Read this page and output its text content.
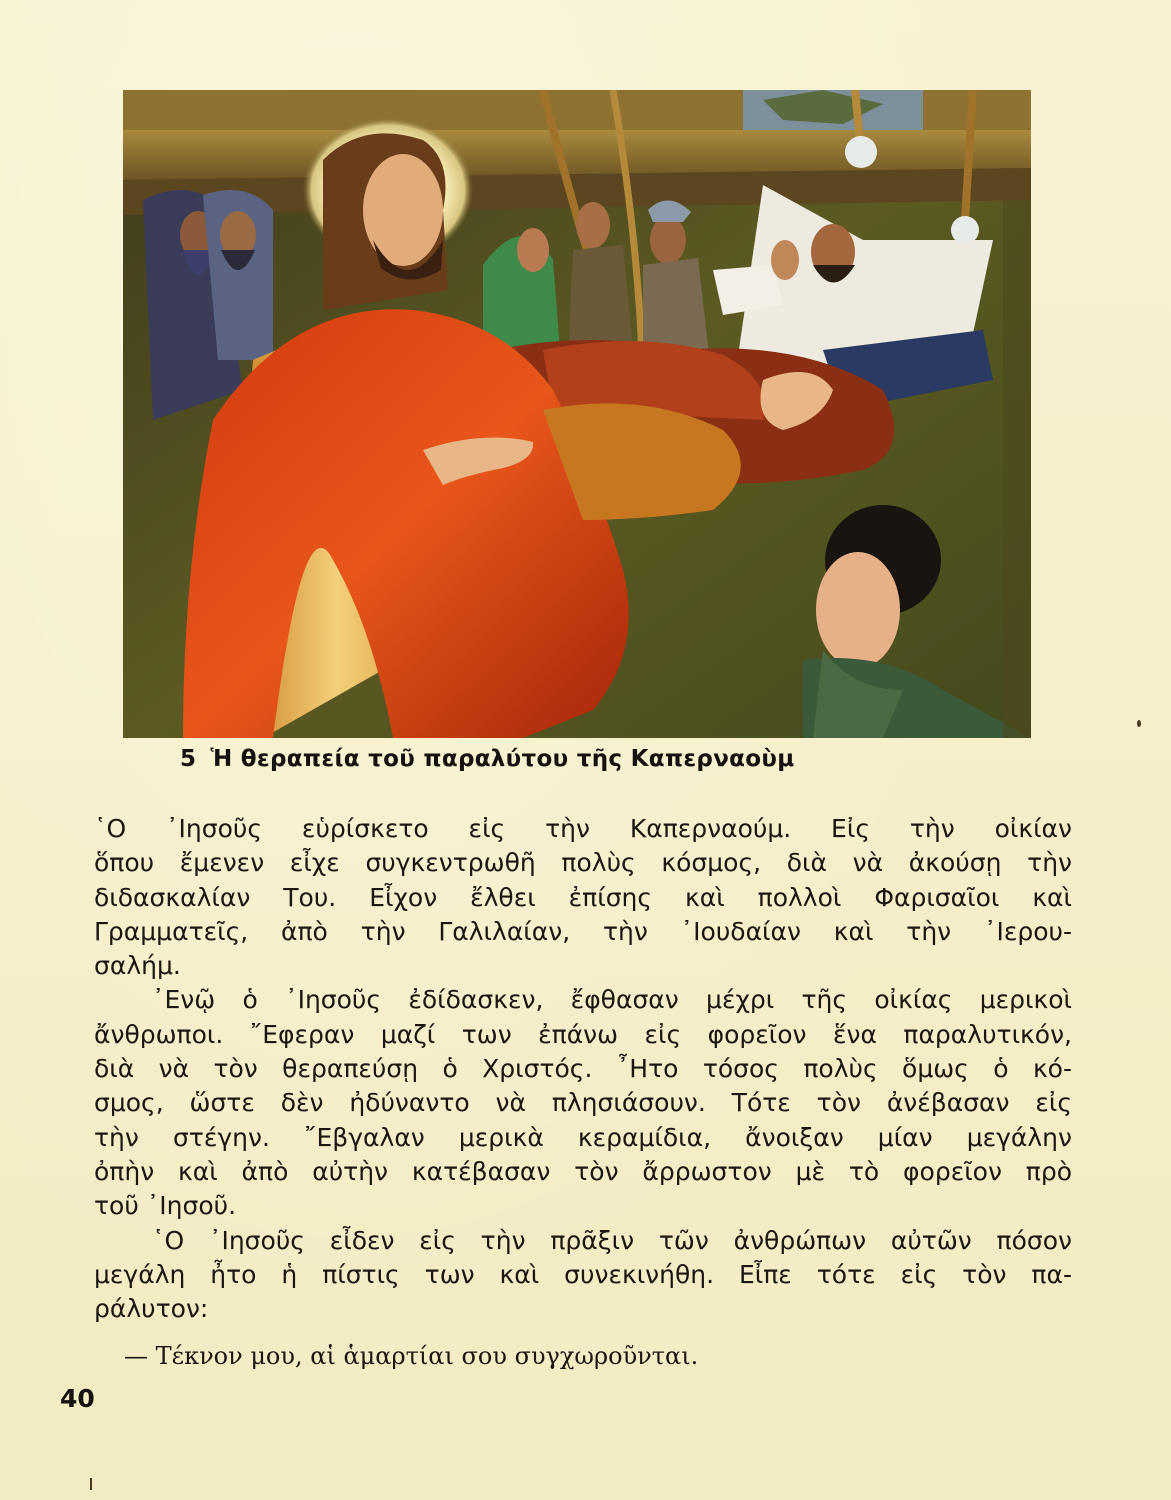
5 Ἡ θεραπεία τοῦ παραλύτου τῆς Καπερναοὺμ
῾Ο ᾿Ιησοῦς εὑρίσκετο εἰς τὴν Καπερναούμ. Εἰς τὴν οἰκίαν
ὅπου ἔμενεν εἶχε συγκεντρωθῆ πολὺς κόσμος, διὰ νὰ ἀκούσῃ τὴν
διδασκαλίαν Του. Εἶχον ἔλθει ἐπίσης καὶ πολλοὶ Φαρισαῖοι καὶ
Γραμματεῖς, ἀπὸ τὴν Γαλιλαίαν, τὴν ᾿Ιουδαίαν καὶ τὴν ᾿Ιερου-
σαλήμ.
᾿Ενῷ ὁ ᾿Ιησοῦς ἐδίδασκεν, ἔφθασαν μέχρι τῆς οἰκίας μερικοὶ
ἄνθρωποι. ῎Εφεραν μαζί των ἐπάνω εἰς φορεῖον ἕνα παραλυτικόν,
διὰ νὰ τὸν θεραπεύσῃ ὁ Χριστός. ῏Ητο τόσος πολὺς ὅμως ὁ κό-
σμος, ὥστε δὲν ἠδύναντο νὰ πλησιάσουν. Τότε τὸν ἀνέβασαν εἰς
τὴν στέγην. ῎Εβγαλαν μερικὰ κεραμίδια, ἄνοιξαν μίαν μεγάλην
ὀπὴν καὶ ἀπὸ αὐτὴν κατέβασαν τὸν ἄρρωστον μὲ τὸ φορεῖον πρὸ
τοῦ ᾿Ιησοῦ.
῾Ο ᾿Ιησοῦς εἶδεν εἰς τὴν πρᾶξιν τῶν ἀνθρώπων αὐτῶν πόσον
μεγάλη ἦτο ἡ πίστις των καὶ συνεκινήθη. Εἶπε τότε εἰς τὸν πα-
ράλυτον:
— Τέκνον μου, αἱ ἁμαρτίαι σου συγχωροῦνται.
40
